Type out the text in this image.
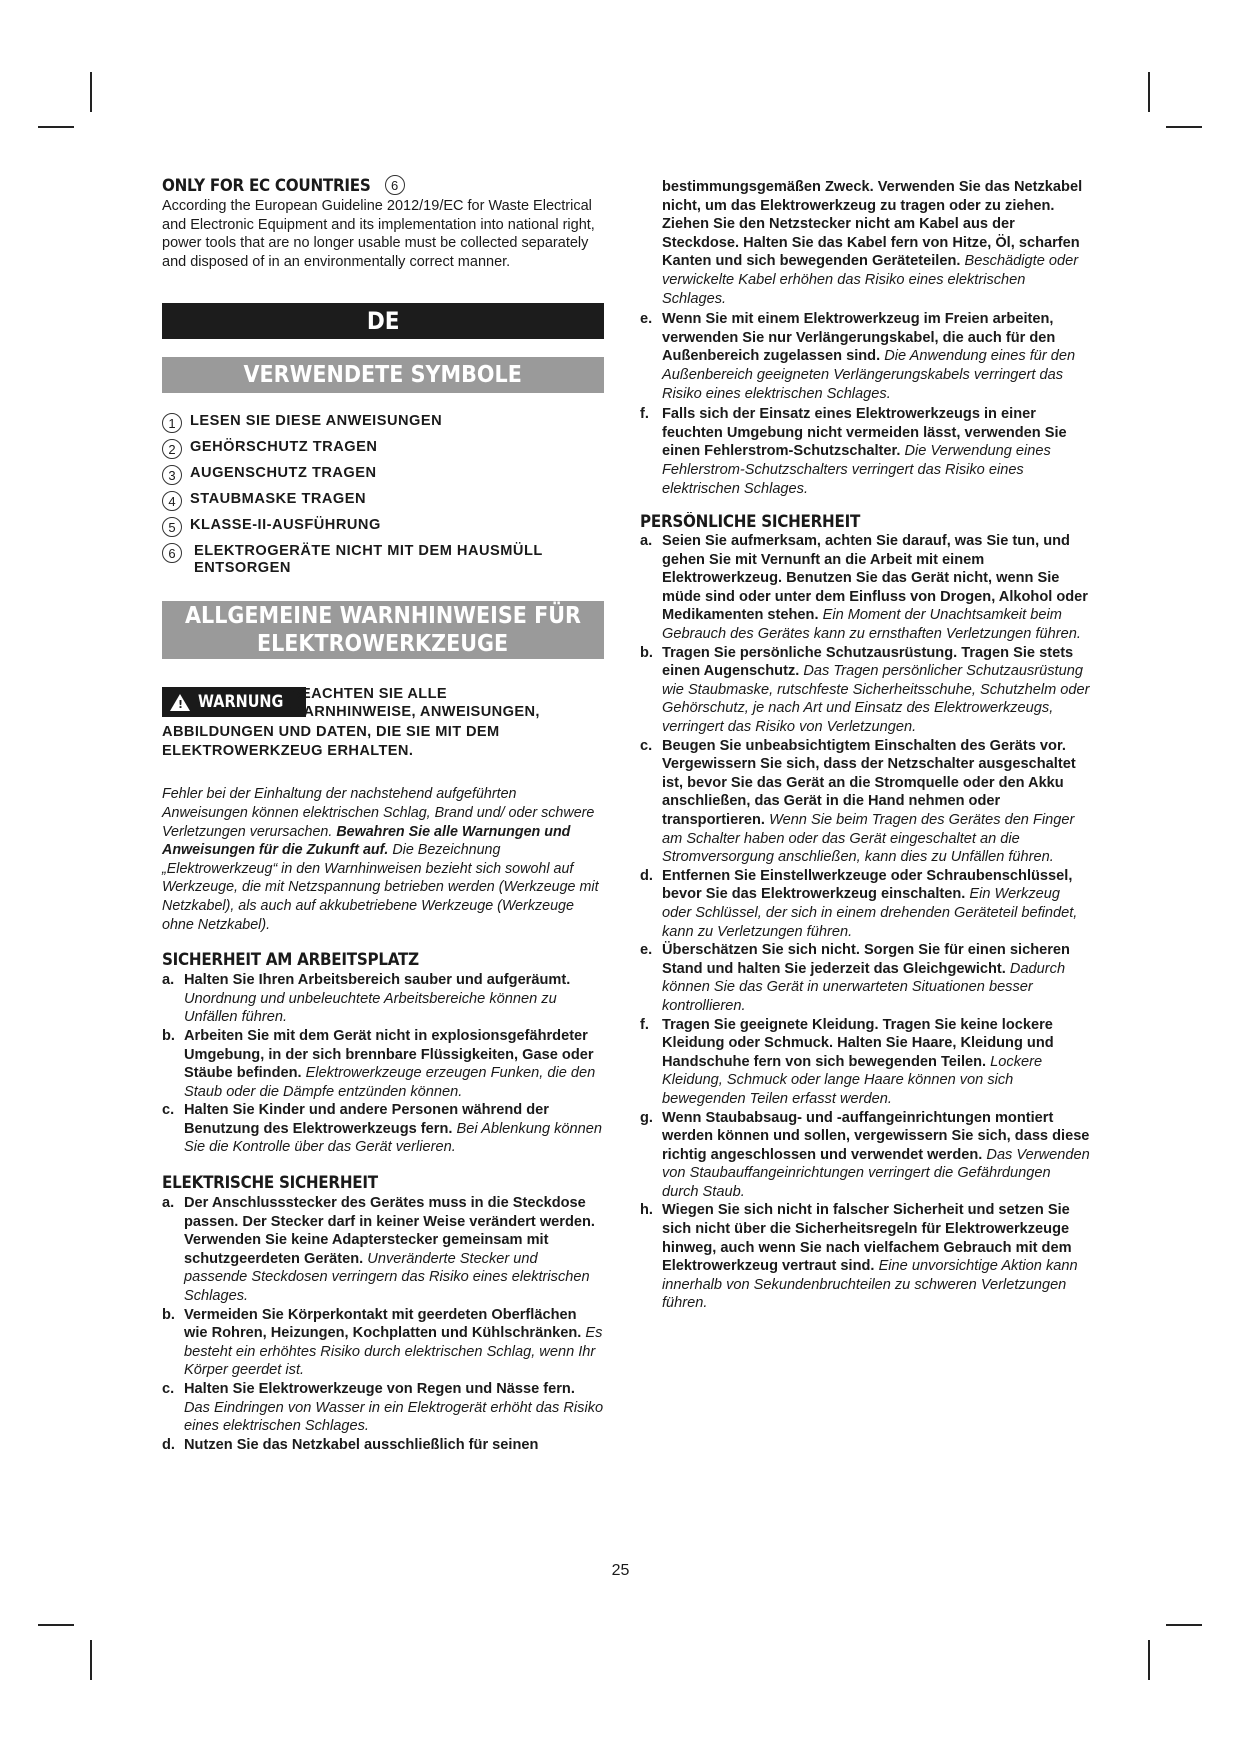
ONLY FOR EC COUNTRIES	6

According the European Guideline 2012/19/EC for Waste Electrical and Electronic Equipment and its implementation into national right, power tools that are no longer usable must be collected separately and disposed of in an environmentally correct manner.

DE
VERWENDETE SYMBOLE
1 LESEN SIE DIESE ANWEISUNGEN
2 GEHÖRSCHUTZ TRAGEN
3 AUGENSCHUTZ TRAGEN
4 STAUBMASKE TRAGEN
5 KLASSE-II-AUSFÜHRUNG
6	ELEKTROGERÄTE NICHT MIT DEM HAUSMÜLL ENTSORGEN
ALLGEMEINE WARNHINWEISE FÜR
ELEKTROWERKZEUGE
! WARNUNG BEACHTEN SIE ALLE
WARNHINWEISE, ANWEISUNGEN,
ABBILDUNGEN UND DATEN, DIE SIE MIT DEM ELEKTROWERKZEUG ERHALTEN.

Fehler bei der Einhaltung der nachstehend aufgeführten Anweisungen können elektrischen Schlag, Brand und/ oder schwere Verletzungen verursachen. Bewahren Sie alle Warnungen und Anweisungen für die Zukunft auf. Die Bezeichnung „Elektrowerkzeug“ in den Warnhinweisen bezieht sich sowohl auf Werkzeuge, die mit Netzspannung betrieben werden (Werkzeuge mit Netzkabel), als auch auf akkubetriebene Werkzeuge (Werkzeuge ohne Netzkabel).

SICHERHEIT AM ARBEITSPLATZ
a. Halten Sie Ihren Arbeitsbereich sauber und aufgeräumt. Unordnung und unbeleuchtete Arbeitsbereiche können zu Unfällen führen.
b. Arbeiten Sie mit dem Gerät nicht in explosionsgefährdeter Umgebung, in der sich brennbare Flüssigkeiten, Gase oder Stäube befinden. Elektrowerkzeuge erzeugen Funken, die den Staub oder die Dämpfe entzünden können.
c. Halten Sie Kinder und andere Personen während der Benutzung des Elektrowerkzeugs fern. Bei Ablenkung können Sie die Kontrolle über das Gerät verlieren.
ELEKTRISCHE SICHERHEIT
a. Der Anschlussstecker des Gerätes muss in die Steckdose passen. Der Stecker darf in keiner Weise verändert werden. Verwenden Sie keine Adapterstecker gemeinsam mit schutzgeerdeten Geräten. Unveränderte Stecker und passende Steckdosen verringern das Risiko eines elektrischen Schlages.
b. Vermeiden Sie Körperkontakt mit geerdeten Oberflächen wie Rohren, Heizungen, Kochplatten und Kühlschränken. Es besteht ein erhöhtes Risiko durch elektrischen Schlag, wenn Ihr Körper geerdet ist.
c. Halten Sie Elektrowerkzeuge von Regen und Nässe fern. Das Eindringen von Wasser in ein Elektrogerät erhöht das Risiko eines elektrischen Schlages.
d. Nutzen Sie das Netzkabel ausschließlich für seinen
bestimmungsgemäßen Zweck. Verwenden Sie das Netzkabel nicht, um das Elektrowerkzeug zu tragen oder zu ziehen. Ziehen Sie den Netzstecker nicht am Kabel aus der Steckdose. Halten Sie das Kabel fern von Hitze, Öl, scharfen Kanten und sich bewegenden Geräteteilen. Beschädigte oder verwickelte Kabel erhöhen das Risiko eines elektrischen Schlages.
e. Wenn Sie mit einem Elektrowerkzeug im Freien arbeiten, verwenden Sie nur Verlängerungskabel, die auch für den Außenbereich zugelassen sind. Die Anwendung eines für den Außenbereich geeigneten Verlängerungskabels verringert das Risiko eines elektrischen Schlages.
f. Falls sich der Einsatz eines Elektrowerkzeugs in einer feuchten Umgebung nicht vermeiden lässt, verwenden Sie einen Fehlerstrom-Schutzschalter. Die Verwendung eines Fehlerstrom-Schutzschalters verringert das Risiko eines elektrischen Schlages.
PERSÖNLICHE SICHERHEIT
a. Seien Sie aufmerksam, achten Sie darauf, was Sie tun, und gehen Sie mit Vernunft an die Arbeit mit einem Elektrowerkzeug. Benutzen Sie das Gerät nicht, wenn Sie müde sind oder unter dem Einfluss von Drogen, Alkohol oder Medikamenten stehen. Ein Moment der Unachtsamkeit beim Gebrauch des Gerätes kann zu ernsthaften Verletzungen führen.
b. Tragen Sie persönliche Schutzausrüstung. Tragen Sie stets einen Augenschutz. Das Tragen persönlicher Schutzausrüstung wie Staubmaske, rutschfeste Sicherheitsschuhe, Schutzhelm oder Gehörschutz, je nach Art und Einsatz des Elektrowerkzeugs, verringert das Risiko von Verletzungen.
c. Beugen Sie unbeabsichtigtem Einschalten des Geräts vor. Vergewissern Sie sich, dass der Netzschalter ausgeschaltet ist, bevor Sie das Gerät an die Stromquelle oder den Akku anschließen, das Gerät in die Hand nehmen oder transportieren. Wenn Sie beim Tragen des Gerätes den Finger am Schalter haben oder das Gerät eingeschaltet an die Stromversorgung anschließen, kann dies zu Unfällen führen.
d. Entfernen Sie Einstellwerkzeuge oder Schraubenschlüssel, bevor Sie das Elektrowerkzeug einschalten. Ein Werkzeug oder Schlüssel, der sich in einem drehenden Geräteteil befindet, kann zu Verletzungen führen.
e. Überschätzen Sie sich nicht. Sorgen Sie für einen sicheren Stand und halten Sie jederzeit das Gleichgewicht. Dadurch können Sie das Gerät in unerwarteten Situationen besser kontrollieren.
f. Tragen Sie geeignete Kleidung. Tragen Sie keine lockere Kleidung oder Schmuck. Halten Sie Haare, Kleidung und Handschuhe fern von sich bewegenden Teilen. Lockere Kleidung, Schmuck oder lange Haare können von sich bewegenden Teilen erfasst werden.
g. Wenn Staubabsaug- und -auffangeinrichtungen montiert werden können und sollen, vergewissern Sie sich, dass diese richtig angeschlossen und verwendet werden. Das Verwenden von Staubauffangeinrichtungen verringert die Gefährdungen durch Staub.
h. Wiegen Sie sich nicht in falscher Sicherheit und setzen Sie sich nicht über die Sicherheitsregeln für Elektrowerkzeuge hinweg, auch wenn Sie nach vielfachem Gebrauch mit dem Elektrowerkzeug vertraut sind. Eine unvorsichtige Aktion kann innerhalb von Sekundenbruchteilen zu schweren Verletzungen führen.
25
